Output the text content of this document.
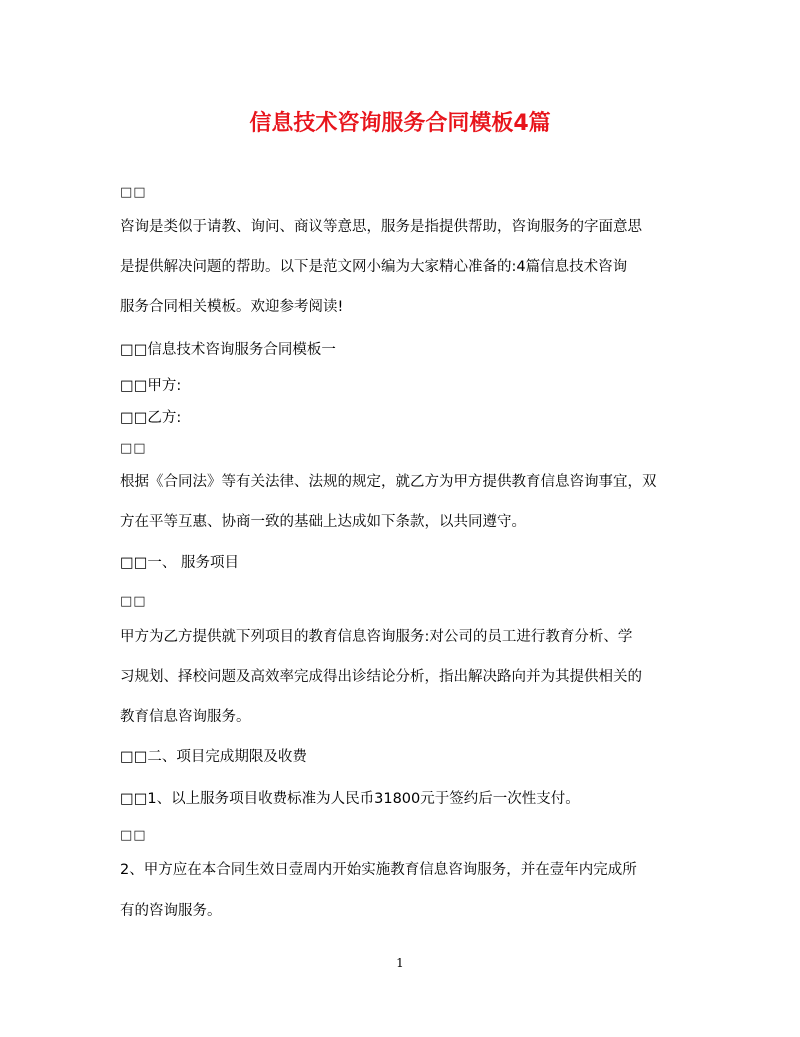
信息技术咨询服务合同模板4篇
□□
咨询是类似于请教、询问、商议等意思，服务是指提供帮助，咨询服务的字面意思
是提供解决问题的帮助。以下是范文网小编为大家精心准备的:4篇信息技术咨询
服务合同相关模板。欢迎参考阅读!
□□信息技术咨询服务合同模板一
□□甲方:
□□乙方:
□□
根据《合同法》等有关法律、法规的规定，就乙方为甲方提供教育信息咨询事宜，双
方在平等互惠、协商一致的基础上达成如下条款，以共同遵守。
□□一、 服务项目
□□
甲方为乙方提供就下列项目的教育信息咨询服务:对公司的员工进行教育分析、学
习规划、择校问题及高效率完成得出诊结论分析，指出解决路向并为其提供相关的
教育信息咨询服务。
□□二、项目完成期限及收费
□□1、以上服务项目收费标准为人民币31800元于签约后一次性支付。
□□
2、甲方应在本合同生效日壹周内开始实施教育信息咨询服务，并在壹年内完成所
有的咨询服务。
1
